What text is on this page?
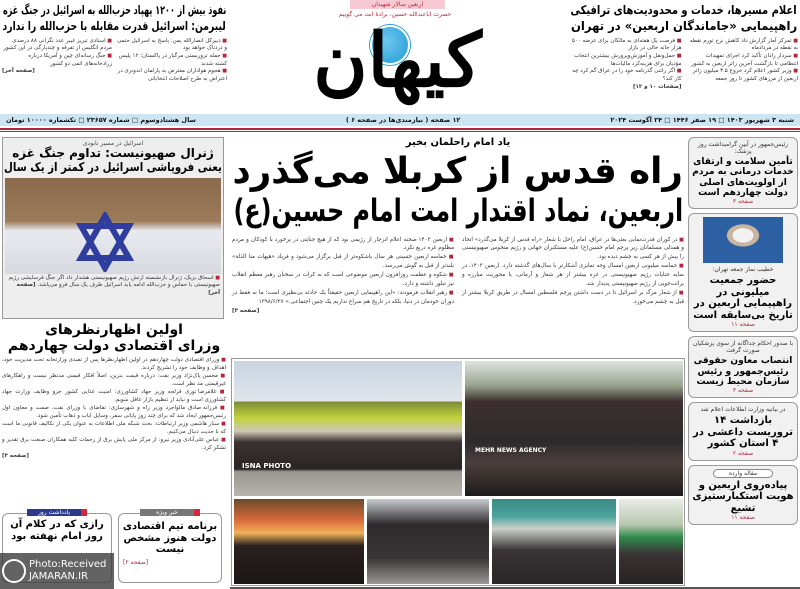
نفوذ بیش از ۱۲۰۰ پهپاد حزب‌الله به اسرائیل در جنگ غزه
لیبرمن: اسرائیل قدرت مقابله با حزب‌الله را ندارد
■ دبیرکل انصارالله یمن: پاسخ به اسرائیل حتمی و دردناک خواهد بود
■ حمله تروریستی مرگبار در پاکستان؛ ۱۲ پلیس کشته شدند
■ هجوم هواداران معترض به پارلمان اندونزی در اعتراض به طرح اصلاحات انتخاباتی
■ اسنادی تبریز غیبر عدد نگرانی ۸۸ درصدی مردم انگلیس از تفرقه و چندپارگی در این کشور
■ جنگ رسانه‌ای چین و آمریکا درباره زرادخانه‌های اتمی دو کشور
[صفحه آخر]
اربعین سالار شهیدان
حضرت اباعبدالله حسین، برادهٔ ابت می گوییم
کیهان
اعلام مسیرها، خدمات و محدودیت‌های ترافیکی
راهپیمایی «جاماندگان اربعین» در تهران
■ تمرکز آمار گزارش داد کاهش نرخ تورم نقطه به نقطه در مردادماه
■ سردار رادان تأکید کرد اجرای تمهیدات انتظامی تا بازگشت آخرین زائر اربعین به کشور
■ وزیر کشور اعلام کرد خروج ۳.۵ میلیون زائر اربعین از مرزهای کشور تا روز جمعه
■ فرصت یک هفته‌ای به مالکان برای عرضه ۵۰۰ هزار خانه خالی در بازار
■ حمل‌ونقل و آموزش‌وپرورش بیشترین انتخاب مؤدیان برای هزینه‌کرد مالیات‌ها
■ اگر رانتی گذرنامه خود را در عراق گم کرد چه کار کند؟
[صفحات ۱۰ و ۱۲]
شنبه ۳ شهریور ۱۴۰۳ □ ۱۹ صفر ۱۴۴۶ □ ۲۴ آگوست ۲۰۲۴
۱۲ صفحه ( نیازمندی‌ها در صفحه ۶ )
سال هشتادوسوم □ شماره ۲۳۶۵۷ □ تکشماره ۱۰۰۰۰ تومان
اسرائیل در مسیر نابودی
ژنرال صهیونیست: تداوم جنگ غزه
یعنی فروپاشی اسرائیل در کمتر از یک سال
■ اسحاق بریک، ژنرال بازنشسته ارتش رژیم صهیونیستی هشدار داد اگر جنگ فرسایشی رژیم صهیونیستی با حماس و حزب‌الله ادامه یابد اسرائیل ظرف یک سال فرو می‌پاشد. [صفحه آخر]
اولین اظهارنظرهای
وزرای اقتصادی دولت چهاردهم
■ وزرای اقتصادی دولت چهاردهم در اولین اظهارنظرها پس از تصدی وزارتخانه تحت مدیریت خود، اهداف و وظایف خود را تشریح کردند.
■ محسن پاک‌نژاد وزیر نفت: درباره قیمت بنزین، اصلاً افکار قیمتی مدنظر نیست و راهکارهای غیرقیمتی مد نظر است.
■ غلامرضا نوری قزلجه وزیر جهاد کشاورزی: امنیت غذایی کشور جزو وظایف وزارت جهاد کشاورزی است و نباید از تنظیم بازار غافل شویم.
■ فرزانه صادق مالواجرد وزیر راه و شهرسازی: تقاضای با وزرای نفت، صمت و معاون اول رئیس‌جمهور ایجاد شد که برای چند روز پایانی سفر، وسایل ایاب و ذهاب تأمین شود.
■ ستار هاشمی وزیر ارتباطات: بحث شبکه ملی اطلاعات به عنوان یکی از تکالیف قانونی ما است که با جدیت دنبال می‌کنیم.
■ عباس علی‌آبادی وزیر نیرو: از مرکز ملی پایش برق از زحمات کلیه همکاران صنعت برق تقدیر و تشکر کرد.
[صفحه ۴]
خبر ویژه
برنامه تیم اقتصادی دولت هنوز مشخص نیست
[صفحه ۲]
یادداشت روز
رازی که در کلام آن روز امام نهفته بود
Photo:Received
JAMARAN.IR
یاد امام راحلمان بخیر
راه قدس از کربلا می‌گذرد
اربعین، نماد اقتدار امت امام حسین(ع)
■ در کوران قدرت‌نمایی بعثی‌ها در عراق، امام راحل با شعار «راه قدس از کربلا می‌گذرد» اتحاد و همدلی مسلمانان زیر پرچم امام حسین(ع) علیه مستکبران جهانی و رژیم منحوس صهیونیستی را بیش از هر کسی به چشم دیده بود.
■ حماسه میلیونی اربعین امسال وجه تمایزی آشکارتر با سال‌های گذشته دارد. اربعین ۱۴۰۳، در سایه جنایات رژیم صهیونیستی در غزه بیشتر از هر شعار و آرمانی، با محوریت مبارزه و برائت‌جویی از رژیم صهیونیستی پدیدار شد.
■ از شعار مرگ بر اسرائیل تا در دست داشتن پرچم فلسطین امسال در طریق کربلا بیشتر از قبل به چشم می‌خورد.
■ اربعین ۱۴۰۳ صحنه اعلام انزجار از رژیمی بود که از هیچ جنایتی در برخورد با کودکان و مردم مظلوم غزه دریغ نکرد.
■ حماسه اربعین حسینی هر سال باشکوه‌تر از قبل برگزار می‌شود و فریاد «هیهات منا الذلة» بلندتر از قبل به گوش می‌رسد.
■ شکوه و عظمت روزافزون اربعین موضوعی است که به کرات در سخنان رهبر معظم انقلاب نیز تبلور داشته و دارد.
■ رهبر انقلاب فرمودند: «این راهپیمایی اربعین حقیقتاً یک حادثه بی‌نظیری است؛ ما نه فقط در دوران خودمان در دنیا، بلکه در تاریخ هم سراغ نداریم یک چنین اجتماعی.» ۱۳۹۸/۶/۲۷
[صفحه ۳]
ISNA PHOTO
MEHR NEWS AGENCY
رئیس‌جمهور در آیین گرامیداشت روز پزشک:
تأمین سلامت و ارتقای خدمات درمانی به مردم از اولویت‌های اصلی دولت چهاردهم است
صفحه ۳
خطیب نماز جمعه تهران:
حضور جمعیت میلیونی در راهپیمایی اربعین در تاریخ بی‌سابقه است
صفحه ۱۱
با صدور احکام جداگانه از سوی پزشکیان صورت گرفت
انتصاب معاون حقوقی رئیس‌جمهور و رئیس سازمان محیط زیست
صفحه ۳
در بیانیه وزارت اطلاعات اعلام شد
بازداشت ۱۴ تروریست داعشی در ۴ استان کشور
صفحه ۲
مقاله وارده
پیاده‌روی اربعین و هویت استکبارستیزی تشیع
صفحه ۱۱
